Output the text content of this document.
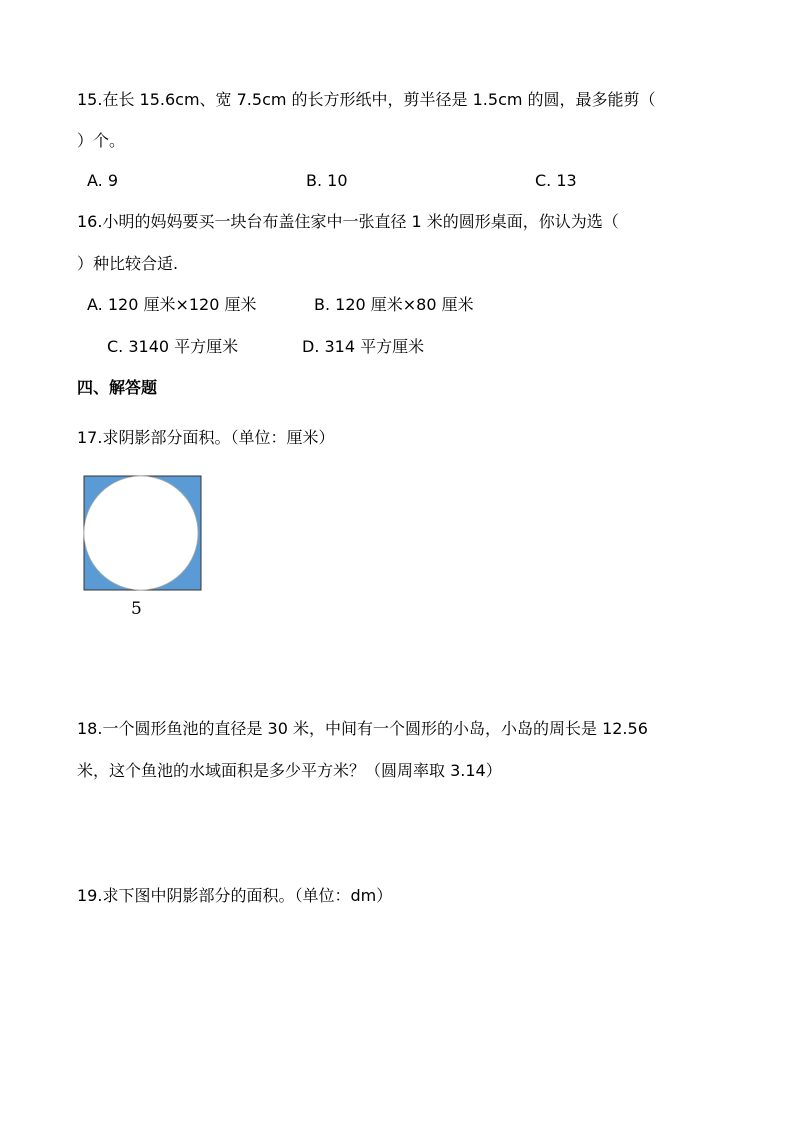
15.在长 15.6cm、宽 7.5cm 的长方形纸中，剪半径是 1.5cm 的圆，最多能剪（
）个。
A. 9	B. 10	C. 13
16.小明的妈妈要买一块台布盖住家中一张直径 1 米的圆形桌面，你认为选（
）种比较合适.
A. 120 厘米×120 厘米	B. 120 厘米×80 厘米
C. 3140 平方厘米	D. 314 平方厘米
四、解答题
17.求阴影部分面积。（单位：厘米）
5
18.一个圆形鱼池的直径是 30 米，中间有一个圆形的小岛，小岛的周长是 12.56
米，这个鱼池的水域面积是多少平方米？（圆周率取 3.14）
19.求下图中阴影部分的面积。（单位：dm）
